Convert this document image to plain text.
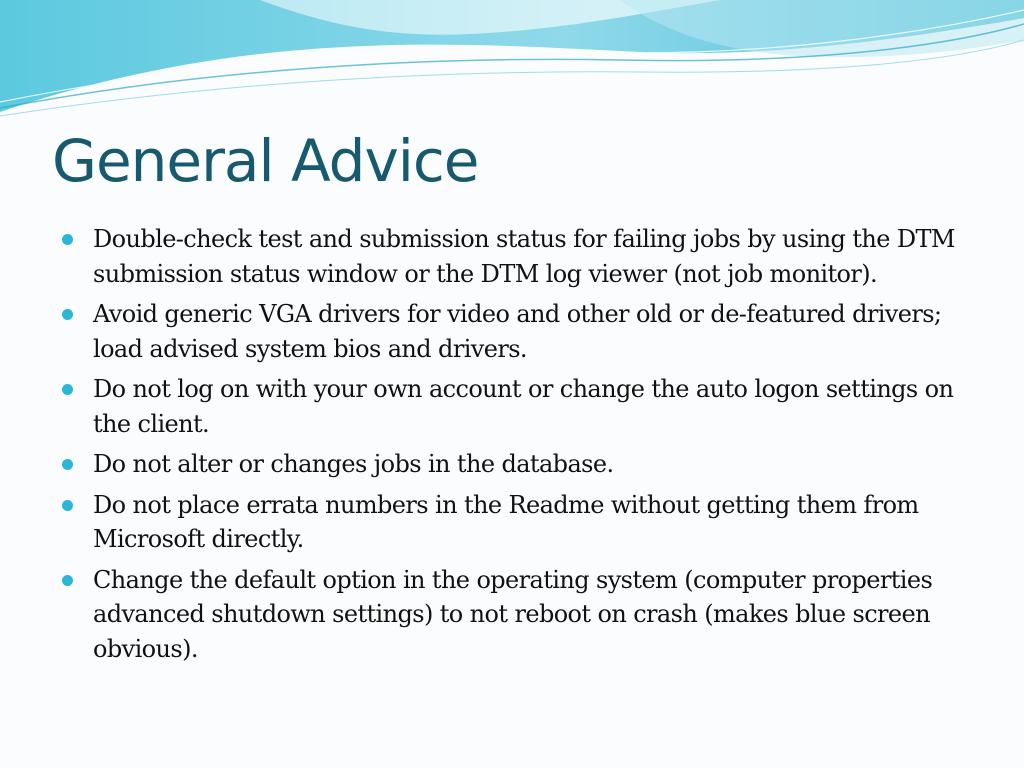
General Advice
Double-check test and submission status for failing jobs by using the DTM submission status window or the DTM log viewer (not job monitor).
Avoid generic VGA drivers for video and other old or de-featured drivers; load advised system bios and drivers.
Do not log on with your own account or change the auto logon settings on the client.
Do not alter or changes jobs in the database.
Do not place errata numbers in the Readme without getting them from Microsoft directly.
Change the default option in the operating system (computer properties advanced shutdown settings) to not reboot on crash (makes blue screen obvious).
